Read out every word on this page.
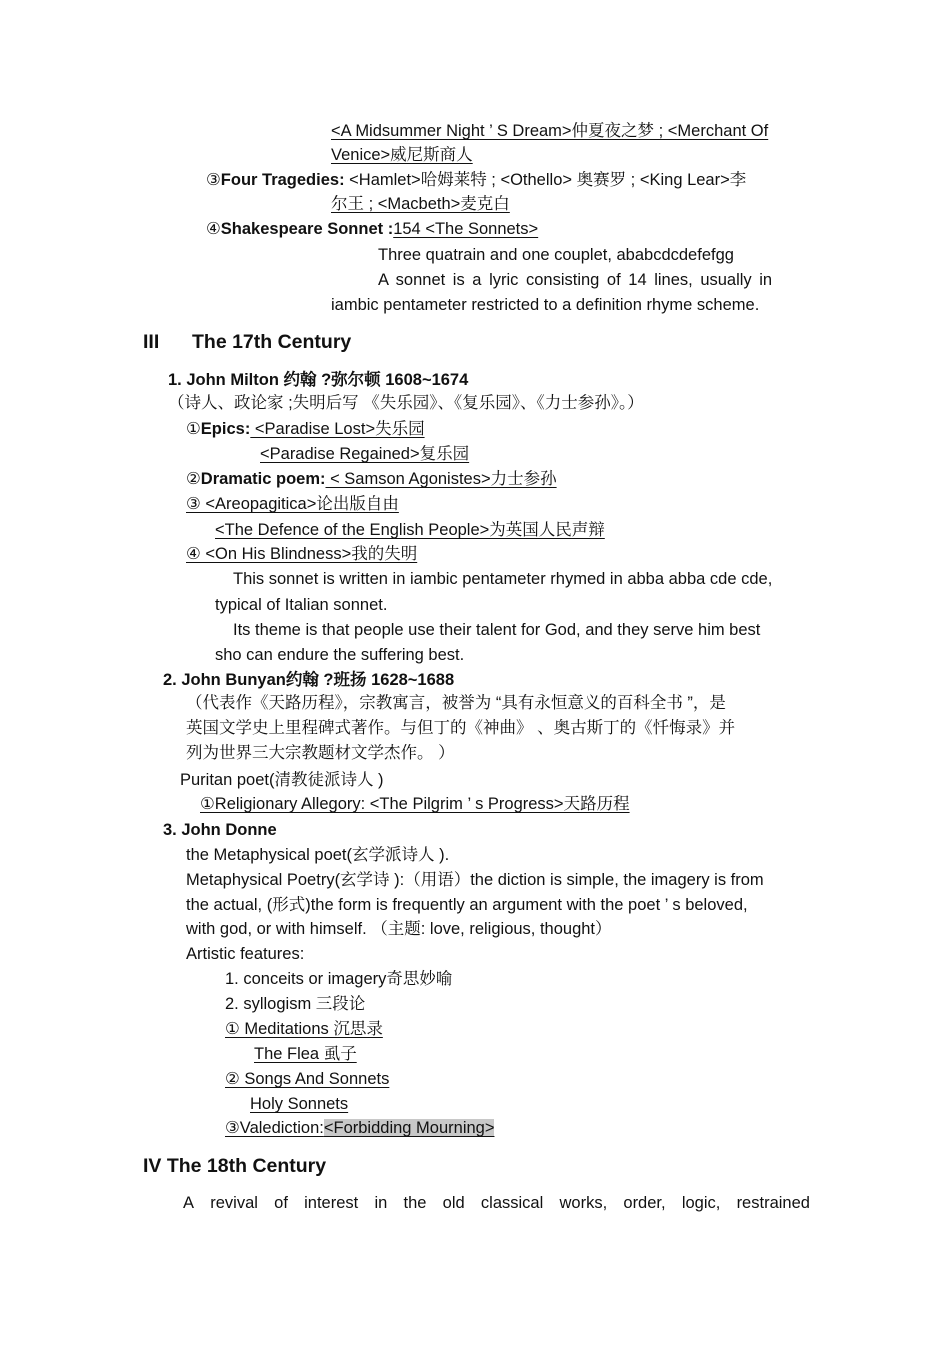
<A Midsummer Night ’ S Dream>仲夏夜之梦 ; <Merchant Of
Venice>威尼斯商人
③Four Tragedies: <Hamlet>哈姆莱特 ; <Othello> 奥赛罗 ; <King Lear>李
尔王 ; <Macbeth>麦克白
④Shakespeare Sonnet :154 <The Sonnets>
Three quatrain and one couplet, ababcdcdefefgg
A sonnet is a lyric consisting of 14 lines, usually in
iambic pentameter restricted to a definition rhyme scheme.
III The 17th Century
1. John Milton 约翰 ?弥尔顿 1608~1674
（诗人、政论家 ;失明后写 《失乐园》、《复乐园》、《力士参孙》。）
①Epics: <Paradise Lost>失乐园
<Paradise Regained>复乐园
②Dramatic poem: < Samson Agonistes>力士参孙
③ <Areopagitica>论出版自由
<The Defence of the English People>为英国人民声辩
④ <On His Blindness>我的失明
This sonnet is written in iambic pentameter rhymed in abba abba cde cde,
typical of Italian sonnet.
Its theme is that people use their talent for God, and they serve him best
sho can endure the suffering best.
2. John Bunyan约翰 ?班扬 1628~1688
（代表作《天路历程》，宗教寓言，被誉为 “具有永恒意义的百科全书 ”，是
英国文学史上里程碑式著作。与但丁的《神曲》 、奥古斯丁的《忏悔录》并
列为世界三大宗教题材文学杰作。 ）
Puritan poet(清教徒派诗人 )
①Religionary Allegory: <The Pilgrim ’ s Progress>天路历程
3. John Donne
the Metaphysical poet(玄学派诗人 ).
Metaphysical Poetry(玄学诗 ):（用语）the diction is simple, the imagery is from
the actual, (形式)the form is frequently an argument with the poet ’ s beloved,
with god, or with himself. （主题: love, religious, thought）
Artistic features:
1. conceits or imagery奇思妙喻
2. syllogism 三段论
① Meditations 沉思录
The Flea 虱子
② Songs And Sonnets
Holy Sonnets
③Valediction:<Forbidding Mourning>
IV The 18th Century
A revival of interest in the old classical works, order, logic, restrained
